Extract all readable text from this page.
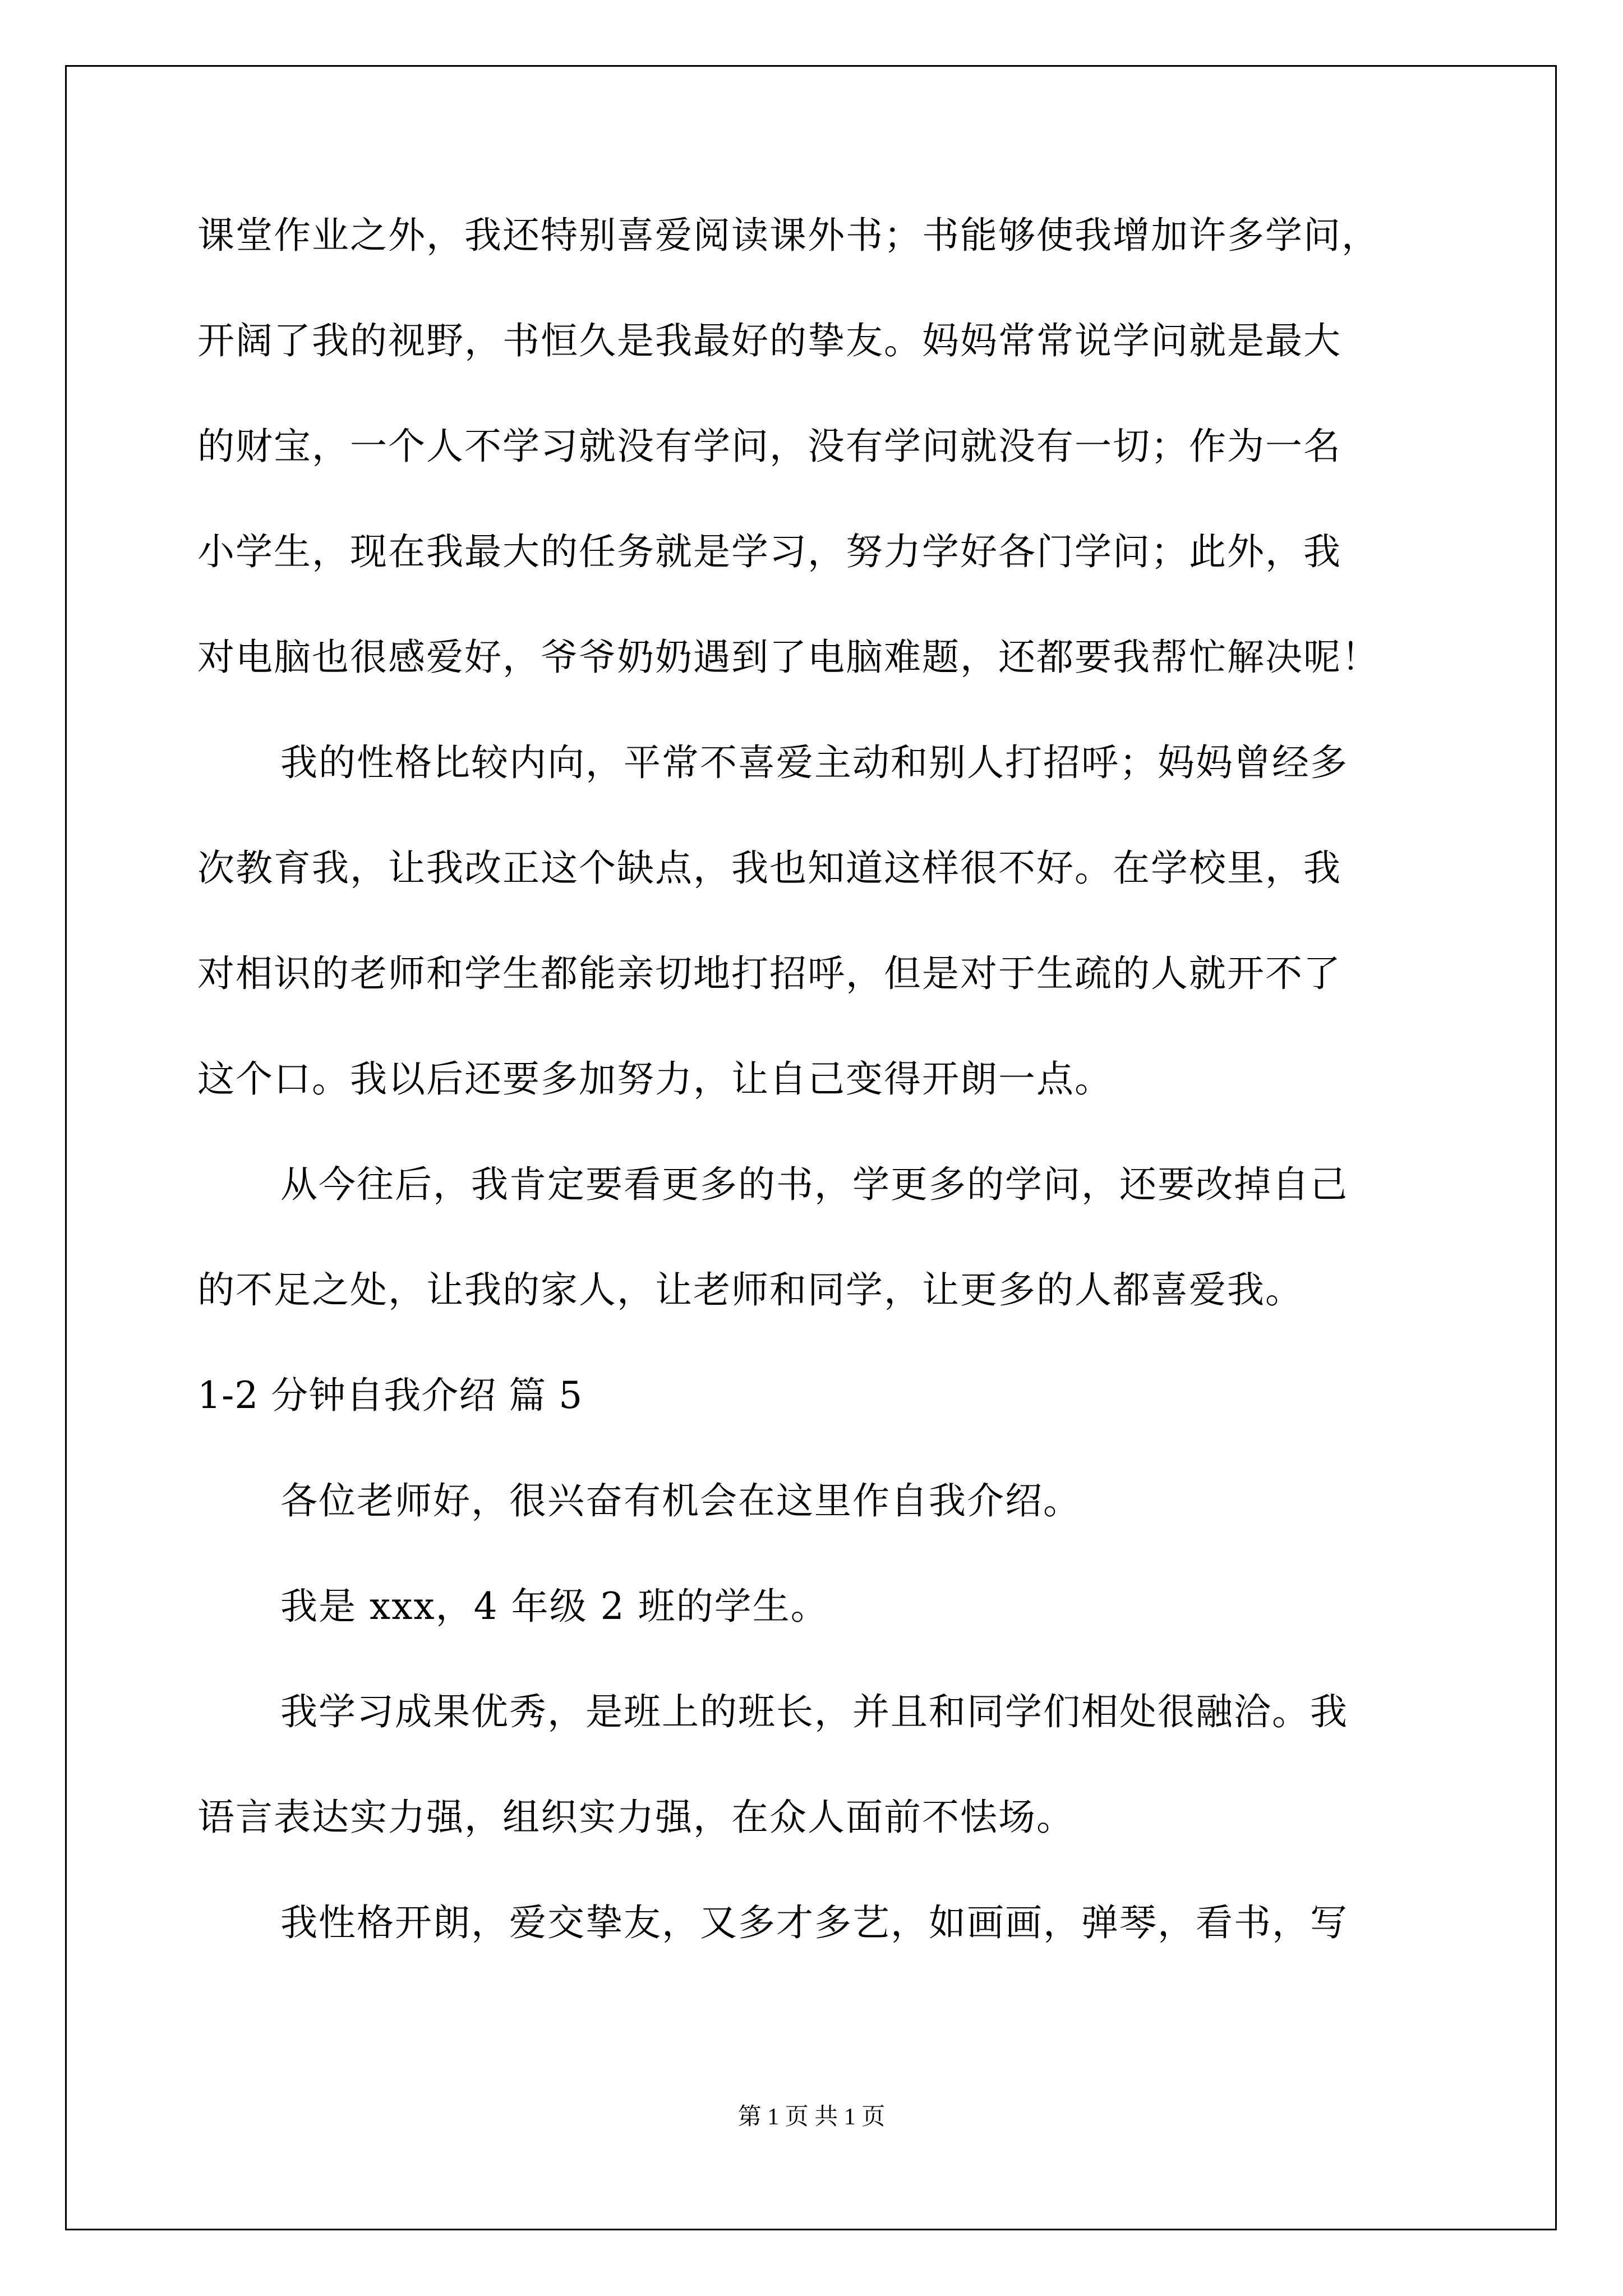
课堂作业之外，我还特别喜爱阅读课外书；书能够使我增加许多学问，
开阔了我的视野，书恒久是我最好的挚友。妈妈常常说学问就是最大
的财宝，一个人不学习就没有学问，没有学问就没有一切；作为一名
小学生，现在我最大的任务就是学习，努力学好各门学问；此外，我
对电脑也很感爱好，爷爷奶奶遇到了电脑难题，还都要我帮忙解决呢！
我的性格比较内向，平常不喜爱主动和别人打招呼；妈妈曾经多
次教育我，让我改正这个缺点，我也知道这样很不好。在学校里，我
对相识的老师和学生都能亲切地打招呼，但是对于生疏的人就开不了
这个口。我以后还要多加努力，让自己变得开朗一点。
从今往后，我肯定要看更多的书，学更多的学问，还要改掉自己
的不足之处，让我的家人，让老师和同学，让更多的人都喜爱我。
1-2 分钟自我介绍 篇 5
各位老师好，很兴奋有机会在这里作自我介绍。
我是 xxx，4 年级 2 班的学生。
我学习成果优秀，是班上的班长，并且和同学们相处很融洽。我
语言表达实力强，组织实力强，在众人面前不怯场。
我性格开朗，爱交挚友，又多才多艺，如画画，弹琴，看书，写
第 1 页 共 1 页
